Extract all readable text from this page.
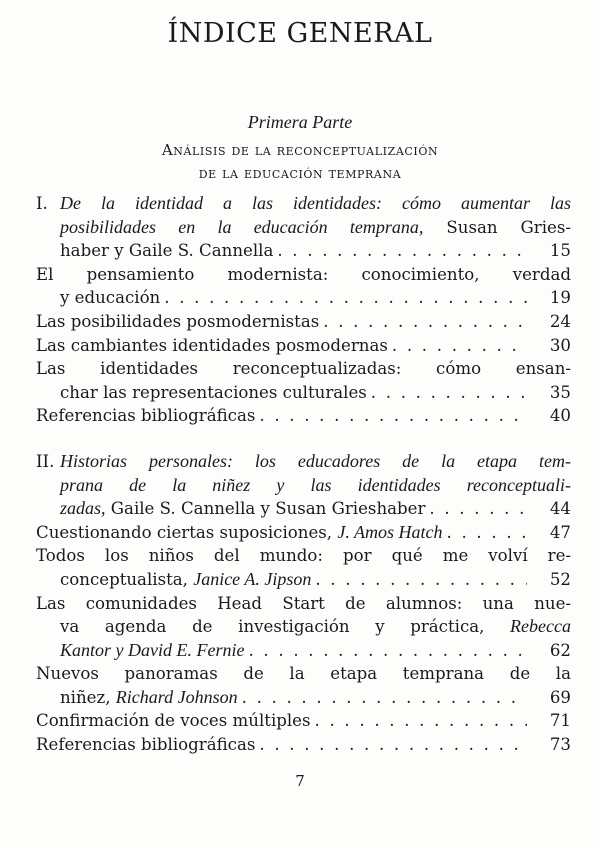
ÍNDICE GENERAL
Primera Parte
Análisis de la reconceptualización
de la educación temprana
I. De la identidad a las identidades: cómo aumentar las
posibilidades en la educación temprana, Susan Gries-
haber y Gaile S. Cannella . . .	15
El pensamiento modernista: conocimiento, verdad
y educación . . .	19
Las posibilidades posmodernistas . . .	24
Las cambiantes identidades posmodernas . . .	30
Las identidades reconceptualizadas: cómo ensan-
char las representaciones culturales . . .	35
Referencias bibliográficas . . .	40
II. Historias personales: los educadores de la etapa tem-
prana de la niñez y las identidades reconceptuali-
zadas, Gaile S. Cannella y Susan Grieshaber . . .	44
Cuestionando ciertas suposiciones, J. Amos Hatch . . .	47
Todos los niños del mundo: por qué me volví re-
conceptualista, Janice A. Jipson . . .	52
Las comunidades Head Start de alumnos: una nue-
va agenda de investigación y práctica, Rebecca
Kantor y David E. Fernie . . .	62
Nuevos panoramas de la etapa temprana de la
niñez, Richard Johnson . . .	69
Confirmación de voces múltiples . . .	71
Referencias bibliográficas . . .	73
7
